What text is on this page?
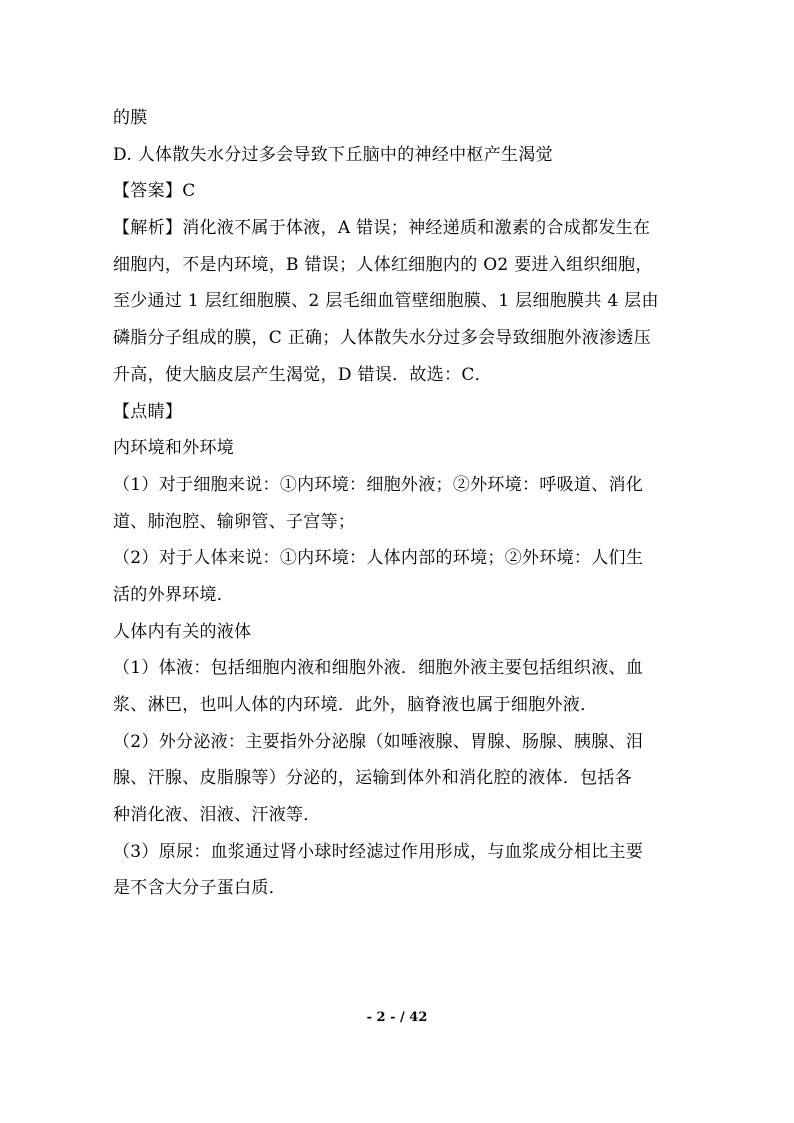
的膜
D. 人体散失水分过多会导致下丘脑中的神经中枢产生渴觉
【答案】C
【解析】消化液不属于体液，A 错误；神经递质和激素的合成都发生在
细胞内，不是内环境，B 错误；人体红细胞内的 O2 要进入组织细胞，
至少通过 1 层红细胞膜、2 层毛细血管壁细胞膜、1 层细胞膜共 4 层由
磷脂分子组成的膜，C 正确；人体散失水分过多会导致细胞外液渗透压
升高，使大脑皮层产生渴觉，D 错误．故选：C．
【点睛】
内环境和外环境
（1）对于细胞来说：①内环境：细胞外液；②外环境：呼吸道、消化
道、肺泡腔、输卵管、子宫等；
（2）对于人体来说：①内环境：人体内部的环境；②外环境：人们生
活的外界环境．
人体内有关的液体
（1）体液：包括细胞内液和细胞外液．细胞外液主要包括组织液、血
浆、淋巴，也叫人体的内环境．此外，脑脊液也属于细胞外液．
（2）外分泌液：主要指外分泌腺（如唾液腺、胃腺、肠腺、胰腺、泪
腺、汗腺、皮脂腺等）分泌的，运输到体外和消化腔的液体．包括各
种消化液、泪液、汗液等．
（3）原尿：血浆通过肾小球时经滤过作用形成，与血浆成分相比主要
是不含大分子蛋白质．
- 2 - / 42
